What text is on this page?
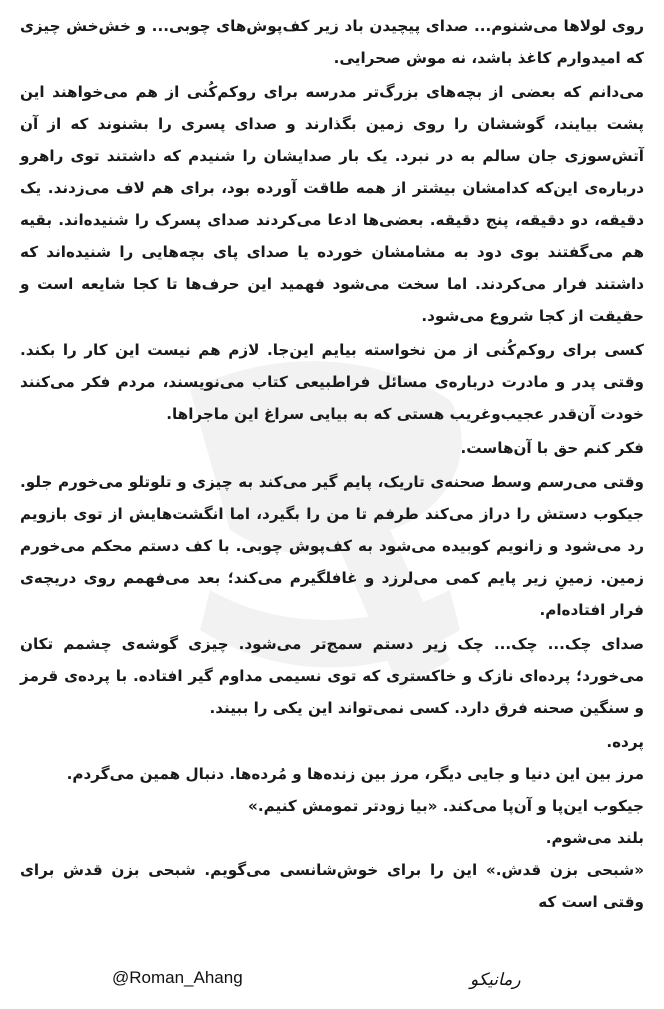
روی لولاها می‌شنوم... صدای پیچیدن باد زیر کف‌پوش‌های چوبی... و خش‌خش چیزی که امیدوارم کاغذ باشد، نه موش صحرایی.

می‌دانم که بعضی از بچه‌های بزرگ‌تر مدرسه برای روکم‌کُنی از هم می‌خواهند این پشت بیایند، گوششان را روی زمین بگذارند و صدای پسری را بشنوند که از آن آتش‌سوزی جان سالم به در نبرد. یک بار صدایشان را شنیدم که داشتند توی راهرو درباره‌ی این‌که کدامشان بیشتر از همه طاقت آورده بود، برای هم لاف می‌زدند. یک دقیقه، دو دقیقه، پنج دقیقه. بعضی‌ها ادعا می‌کردند صدای پسرک را شنیده‌اند. بقیه هم می‌گفتند بوی دود به مشامشان خورده یا صدای پای بچه‌هایی را شنیده‌اند که داشتند فرار می‌کردند. اما سخت می‌شود فهمید این حرف‌ها تا کجا شایعه است و حقیقت از کجا شروع می‌شود.

کسی برای روکم‌کُنی از من نخواسته بیایم این‌جا. لازم هم نیست این کار را بکند. وقتی پدر و مادرت درباره‌ی مسائل فراطبیعی کتاب می‌نویسند، مردم فکر می‌کنند خودت آن‌قدر عجیب‌وغریب هستی که به بیایی سراغ این ماجراها.

فکر کنم حق با آن‌هاست.

وقتی می‌رسم وسط صحنه‌ی تاریک، پایم گیر می‌کند به چیزی و تلوتلو می‌خورم جلو. جیکوب دستش را دراز می‌کند طرفم تا من را بگیرد، اما انگشت‌هایش از توی بازویم رد می‌شود و زانویم کوبیده می‌شود به کف‌پوش چوبی. با کف دستم محکم می‌خورم زمین. زمینِ زیر پایم کمی می‌لرزد و غافلگیرم می‌کند؛ بعد می‌فهمم روی دریچه‌ی فرار افتاده‌ام.

صدای چک... چک... چک زیر دستم سمج‌تر می‌شود. چیزی گوشه‌ی چشمم تکان می‌خورد؛ پرده‌ای نازک و خاکستری که توی نسیمی مداوم گیر افتاده. با پرده‌ی قرمز و سنگین صحنه فرق دارد. کسی نمی‌تواند این یکی را ببیند.

پرده.

مرز بین این دنیا و جایی دیگر، مرز بین زنده‌ها و مُرده‌ها. دنبال همین می‌گردم.

جیکوب این‌پا و آن‌پا می‌کند. «بیا زودتر تمومش کنیم.»

بلند می‌شوم.

«شبحی بزن قدش.» این را برای خوش‌شانسی می‌گویم. شبحی بزن قدش برای وقتی است که

@Roman_Ahang	رمانیکو
